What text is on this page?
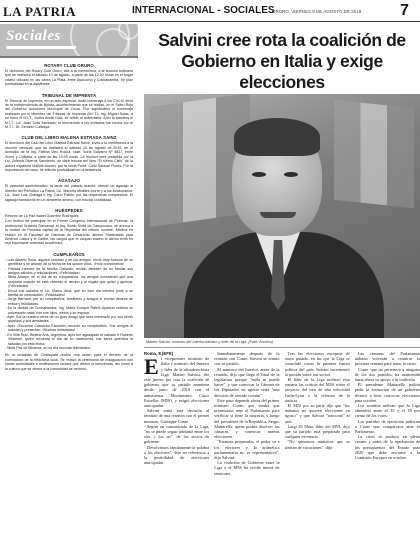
LA PATRIA	INTERNACIONAL - SOCIALES
ORURO, VIERNES 9 DE AGOSTO DE 2019 7
Sociales
ROTARY CLUB ORURO

El directorio del Rotary Club Oruro, cita a la membresía, a la reunión ordinaria que se realizará el sábado 10 de agosto, a partir de las 12:30 horas en el hogar rotario ubicado en las calles La Plata, entre Ayacucho y Cochabamba. Se pide puntualidad en la asistencia.

TRIBUNAL DE IMPRENTA

El Tribunal de Imprenta, en un acto especial, rindió homenaje a los CXCIV años de la Independencia de Bolivia, acontecimiento que se realizó, en el Salón Rojo del Gobierno Autónomo Municipal de Oruro. Fue significativo el homenaje realizado por el Miembro del Tribunal de Imprenta (M.I.T.), Ing. Miguel Salas, a su turno el M.I.T., Juribu Abdel Dick, se refirió al aniversario. Amo la bandera el M.I.T., Lic. Juan Soliz Mercado; la bienvenida a los invitados fue hecha por el M.T.I., Dr. Zenobio Calisaya.

CLUB DEL LIBRO MALENA ESTRADA SAINZ

El directorio del Club del Libro Malena Estrada Sainz, invita a la membresía a la reunión mensual, que se realizará el sábado 10 de agosto de 2019, en el domicilio de la Ing. Fátima Vino Rocha, calle: Soria Galvarro Nº 4837, entre Sucre y Chiltasa, a partir de las 15:00 horas. La reunión será presidida por la Lic. Zulema Riveros Sarmiento, se dará lectura del libro "El último Cielo" de la autora española Matilde Asensi, por la socia Profa. Cielo Salazar Flores. Por la importancia del caso, se solicita puntualidad en la asistencia.

AGASAJO

El personal administrativo, la tarde del pasado martes, ofreció un agasajo al director del Periódico La Patria, Lic. Marcelo Miralles Iporre y a los funcionarios: Lic. José Luis Chalaga e Ing. Carol Patiño, por las respectivas compleaños. El agasajo transcurrió en un ambiente ameno, con mucha cordialidad.

HUÉSPEDES

Retornó de La Paz Isabel Guerrero Rodríguez.

Con motivo de participar en el Primer Congreso Internacional de Poemas, la profesional Graciela Sarmenal, el Arq. Bonio Sivila de Campuzano, se acerca a la ciudad de Panamá capital de la República del mismo nombre. Medina en realizó en la Facultad de Ciencias de Desarrollo Jimeno Sustentado para Américo Latina y el Caribe, los cargos que le ocupan mucho le dieron éxito en esa importante actividad académica.

CUMPLEAÑOS
- Luis Alberto Sosa, alguien cercano y de los amigos, envió muy buenos de su gentileza y se añoran de la fecha de los quince años. ¡Feliz cumpleaños!
- Patricia Herrera de la familia Gallardo, recibió también de su familia sus amigos saludos y felicitaciones. ¡Felicidades!
- Nilda Amaya, en el día de su cumpleaños, los amigos consideran que una sorpresa cuando se está viviendo el tiempo y el regalo que quiso y aprecia. ¡Felicidades!
- Envía sus saludos el Lic. Marco Jirka, que en este día celebró junto a su familia su onomástico. ¡Felicidades!
- Jorge Bernard, por su cumpleaños, familiares y amigos le envían deseos de éxitos y felicidades.
- En la ciudad de Cochabamba, Ing. María Enrique Rafelli Aparicio celebra su aniversario natal, con sus hijos, nietos y su esposa.
- Ayer, fue la nuestra cerca de un gran amigo que será celebrado por sus seres queridos y sus amistades.
- Ayer, Giovanna Camacho Escudero recordó su cumpleaños. Sus amigos le saludan y presentan. ¡Muchas felicidades!
- En Villa Ruiz, Beatriz Ana, Argentina, ayer fue agasajado el sábado 9 Roberto Villarroel, quien recuerda el día de su nacimiento, sus seres queridos le saludan por esta fecha.
- Mirta Paz de Miranda, en su día muchas felicidades.

En la localidad de Challapata recibió una orden para el decreto de la nominación de la biblioteca local. Se realizó la ceremonia de inauguración con varias autoridades e instituciones locales que dieron la bienvenida, así como a la cultura que se ofrece a la comunidad de vecinos.

Salvini cree rota la coalición de Gobierno en Italia y exige elecciones
Matteo Salvini, ministro del Interior italiano y líder de la Liga. (Foto: Archivo)

Roma, 8 (EFE)

El vicepremier ministro de Italia y ministro del Interior y líder de la ultraderechista Liga, Matteo Salvini, dio este jueves por rota la coalición de gobierno que su partido mantiene desde junio de 2018 con el antisistema Movimiento Cinco Estrellas (M5S), y exigió elecciones anticipadas.

Salvini tomó esta decisión al término de una reunión con el primer ministro, Giuseppe Conte.

Según un comunicado de la Liga, "no se puede seguir adelante entre los síes y los no", de los socios de gobierno.

Devolvamos rápidamente la palabra a los electores", dijo en referencia a la posibilidad de elecciones anticipadas.

Inmediatamente después de la reunión con Conte, Salvini se reunió con su partido.

El ministro del Interior, antes de la reunión, dijo que llega el final de la legislatura porque "nada se puede hacer", y que convocar la Cámara de los Diputados en agosto sería "una decisión de sentido común".

Este paso depende ahora del primer ministro Conte, que tendrá que presentarse ante el Parlamento para verificar si tiene la mayoría, y luego del presidente de la República, Sergio Mattarella, quien podría disolver las cámaras y convocar nuevas elecciones.

"Estamos preparados, el poder va a los electores y la aritmética parlamentaria no es representativa", dijo Salvini.

La coalición de Gobierno entre la Liga y el M5S ha vivido meses de tensiones.

Tras las elecciones europeas de mayo pasado, en las que la Liga se consolidó como la primera fuerza política del país, Salvini incrementó la presión sobre sus socios.

El líder de la Liga rechazó esta semana las críticas del M5S sobre el proyecto del tren de alta velocidad Turín-Lyon y la reforma de la justicia.

El M5S por su parte dijo que "los italianos no quieren elecciones en agosto" y que Salvini "traicionó" al país.

Luigi Di Maio, líder del M5S, dijo que su partido está preparado para cualquier escenario.

"No queremos ministros que se sientan de vacaciones", dijo.

Las cámaras del Parlamento italiano volverán a reunirse la próxima semana para tratar la crisis.

Conte, que no pertenece a ninguno de los dos partidos, ha mantenido hasta ahora su apoyo a la coalición.

El presidente Mattarella podría pedir la formación de un gobierno técnico o bien convocar elecciones para octubre.

Los sondeos indican que la Liga obtendría entre el 35 y el 38 por ciento de los votos.

Los partidos de oposición pidieron a Conte que comparezca ante el Parlamento.

La crisis se produce en pleno verano y antes de la aprobación de los presupuestos del Estado para 2020 que debe enviarse a la Comisión Europea en octubre.
